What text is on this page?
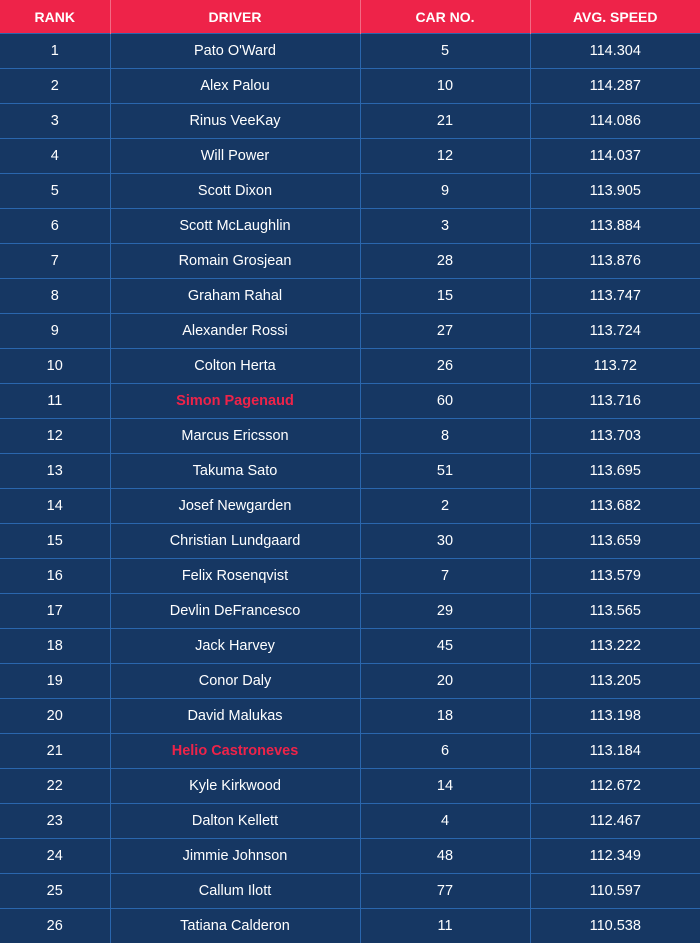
RANK	DRIVER	CAR NO.	AVG. SPEED
1	Pato O'Ward	5	114.304
2	Alex Palou	10	114.287
3	Rinus VeeKay	21	114.086
4	Will Power	12	114.037
5	Scott Dixon	9	113.905
6	Scott McLaughlin	3	113.884
7	Romain Grosjean	28	113.876
8	Graham Rahal	15	113.747
9	Alexander Rossi	27	113.724
10	Colton Herta	26	113.72
11	Simon Pagenaud	60	113.716
12	Marcus Ericsson	8	113.703
13	Takuma Sato	51	113.695
14	Josef Newgarden	2	113.682
15	Christian Lundgaard	30	113.659
16	Felix Rosenqvist	7	113.579
17	Devlin DeFrancesco	29	113.565
18	Jack Harvey	45	113.222
19	Conor Daly	20	113.205
20	David Malukas	18	113.198
21	Helio Castroneves	6	113.184
22	Kyle Kirkwood	14	112.672
23	Dalton Kellett	4	112.467
24	Jimmie Johnson	48	112.349
25	Callum Ilott	77	110.597
26	Tatiana Calderon	11	110.538
